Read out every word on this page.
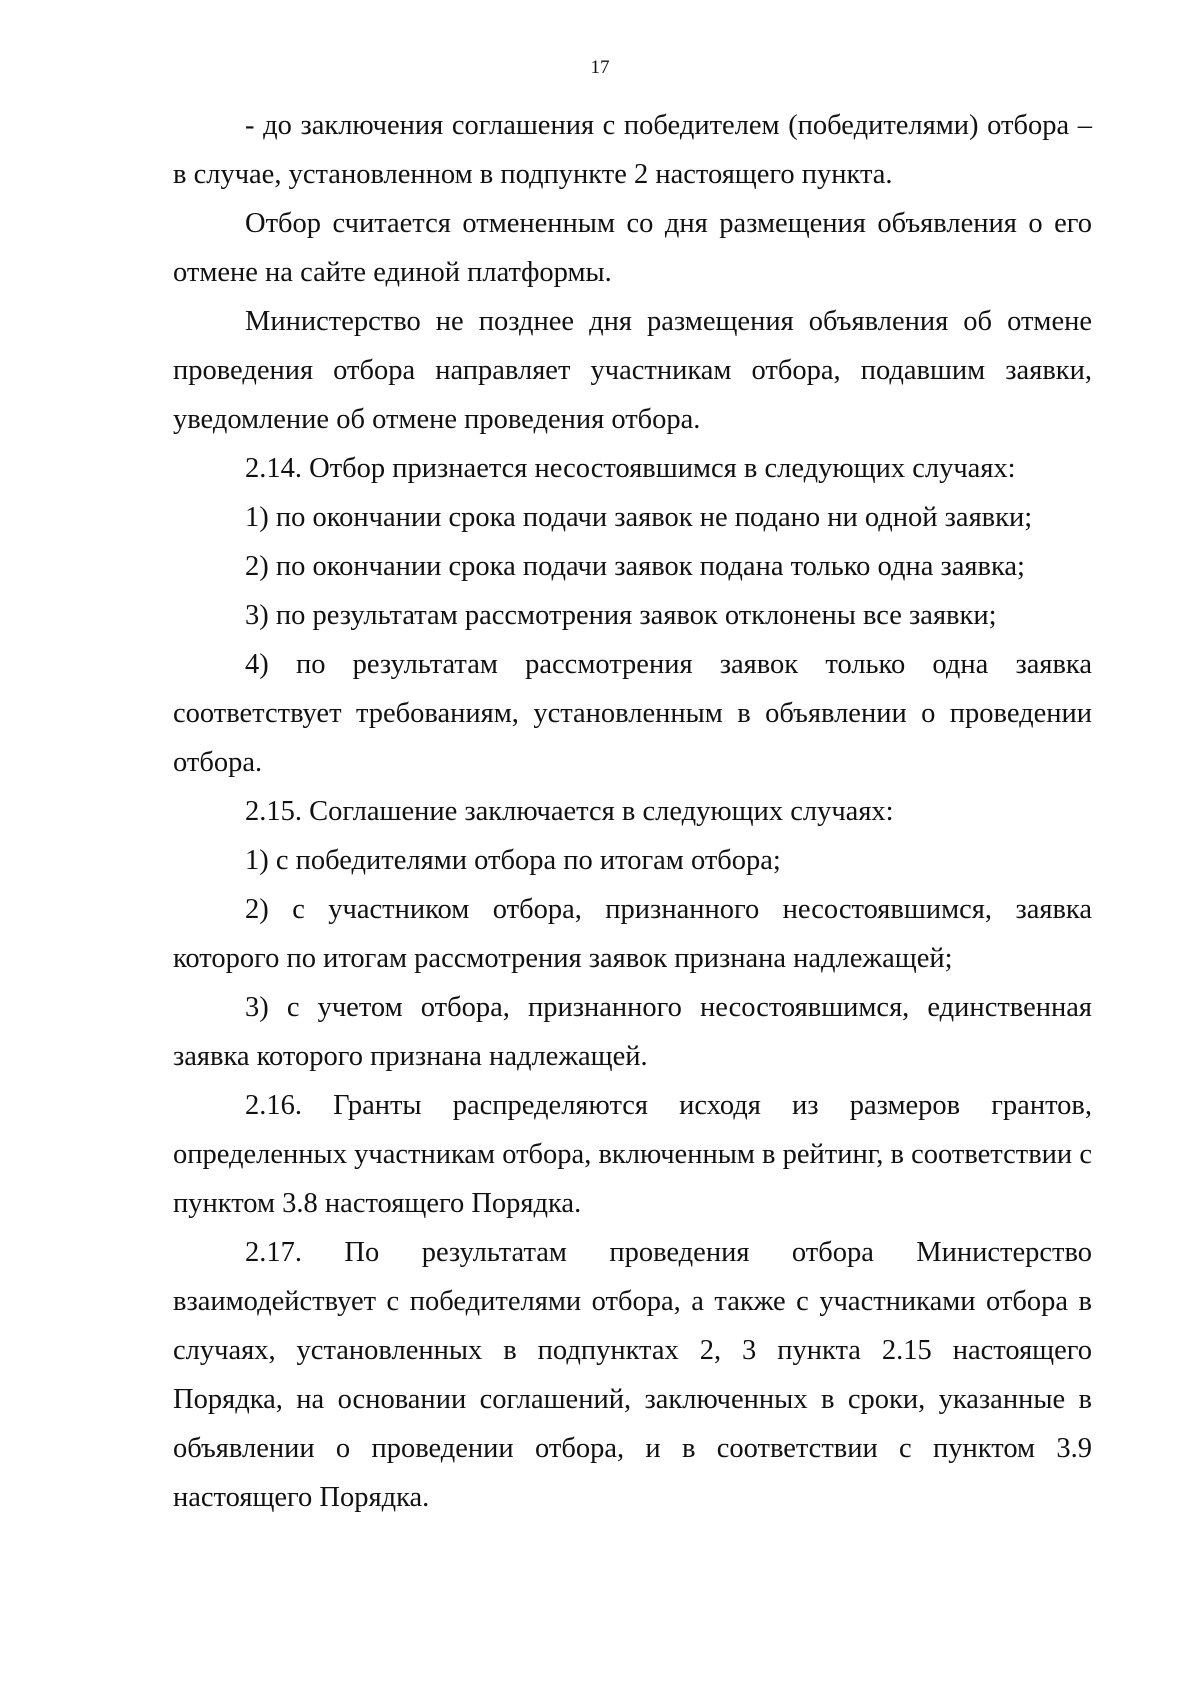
17

- до заключения соглашения с победителем (победителями) отбора – в случае, установленном в подпункте 2 настоящего пункта.

Отбор считается отмененным со дня размещения объявления о его отмене на сайте единой платформы.

Министерство не позднее дня размещения объявления об отмене проведения отбора направляет участникам отбора, подавшим заявки, уведомление об отмене проведения отбора.

2.14. Отбор признается несостоявшимся в следующих случаях:

1) по окончании срока подачи заявок не подано ни одной заявки;

2) по окончании срока подачи заявок подана только одна заявка;

3) по результатам рассмотрения заявок отклонены все заявки;

4) по результатам рассмотрения заявок только одна заявка соответствует требованиям, установленным в объявлении о проведении отбора.

2.15. Соглашение заключается в следующих случаях:

1) с победителями отбора по итогам отбора;

2) с участником отбора, признанного несостоявшимся, заявка которого по итогам рассмотрения заявок признана надлежащей;

3) с учетом отбора, признанного несостоявшимся, единственная заявка которого признана надлежащей.

2.16. Гранты распределяются исходя из размеров грантов, определенных участникам отбора, включенным в рейтинг, в соответствии с пунктом 3.8 настоящего Порядка.

2.17. По результатам проведения отбора Министерство взаимодействует с победителями отбора, а также с участниками отбора в случаях, установленных в подпунктах 2, 3 пункта 2.15 настоящего Порядка, на основании соглашений, заключенных в сроки, указанные в объявлении о проведении отбора, и в соответствии с пунктом 3.9 настоящего Порядка.
